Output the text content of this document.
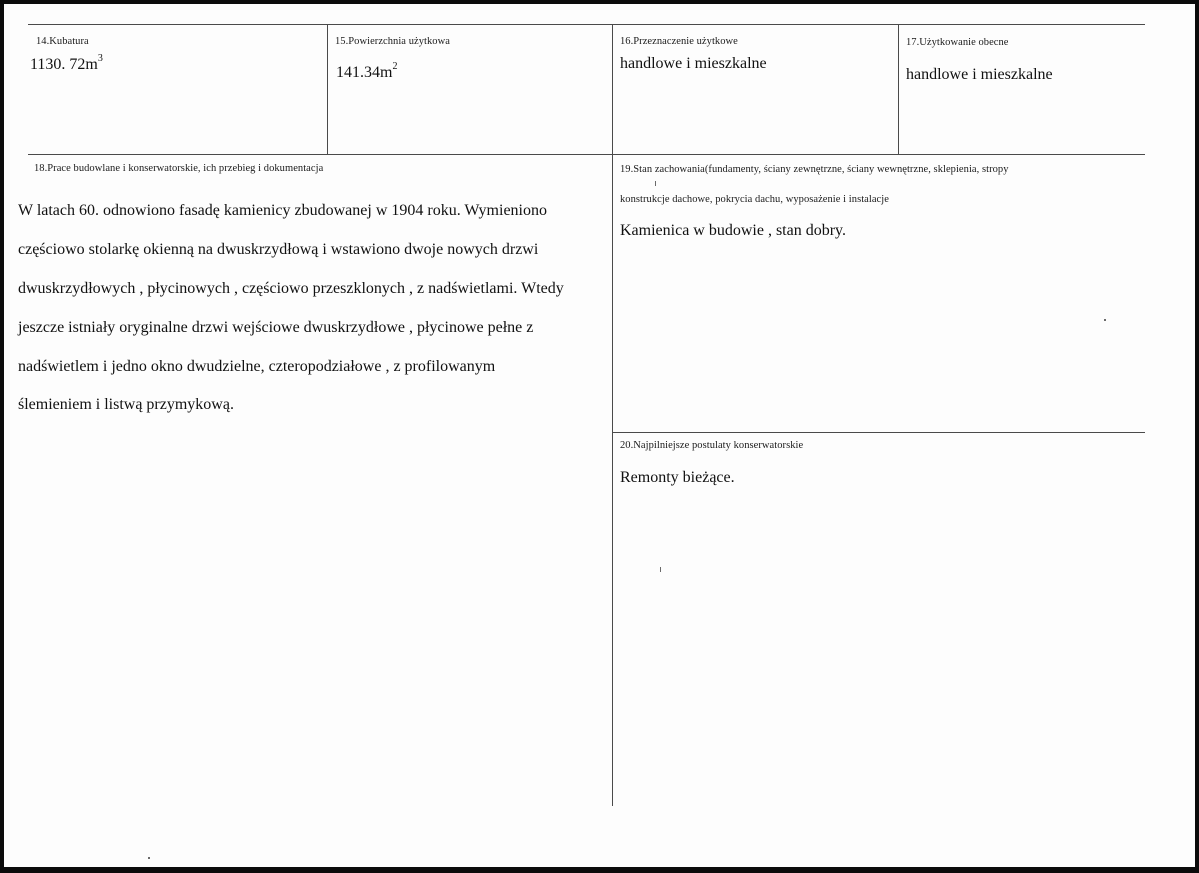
14.Kubatura
1130. $72m^3$
15.Powierzchnia użytkowa
$141.34m^2$
16.Przeznaczenie użytkowe
handlowe i mieszkalne
17.Użytkowanie obecne
handlowe i mieszkalne
18.Prace budowlane i konserwatorskie, ich przebieg i dokumentacja

W latach 60. odnowiono fasadę kamienicy zbudowanej w 1904 roku. Wymieniono

częściowo stolarkę okienną na dwuskrzydłową i wstawiono dwoje nowych drzwi

dwuskrzydłowych , płycinowych , częściowo przeszklonych , z nadświetlami. Wtedy

jeszcze istniały oryginalne drzwi wejściowe dwuskrzydłowe , płycinowe pełne z

nadświetlem i jedno okno dwudzielne, czteropodziałowe , z profilowanym

ślemieniem i listwą przymykową.

19.Stan zachowania(fundamenty, ściany zewnętrzne, ściany wewnętrzne, sklepienia, stropy
konstrukcje dachowe, pokrycia dachu, wyposażenie i instalacje
Kamienica w budowie , stan dobry.
20.Najpilniejsze postulaty konserwatorskie
Remonty bieżące.
